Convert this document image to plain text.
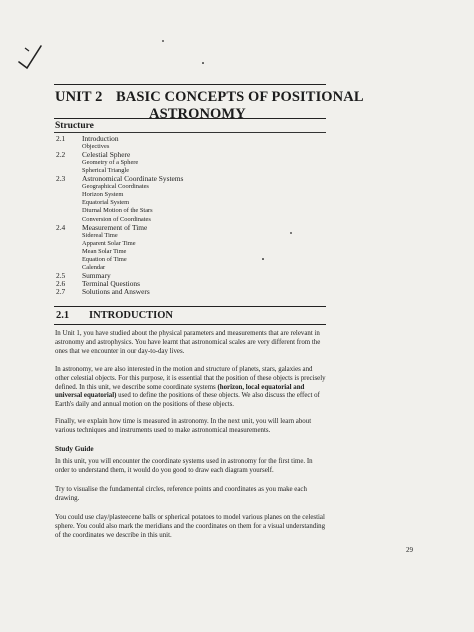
UNIT 2 BASIC CONCEPTS OF POSITIONAL
ASTRONOMY
Structure
2.1	Introduction
Objectives
2.2	Celestial Sphere
Geometry of a Sphere
Spherical Triangle
2.3	Astronomical Coordinate Systems
Geographical Coordinates
Horizon System
Equatorial System
Diurnal Motion of the Stars
Conversion of Coordinates
2.4	Measurement of Time
Sidereal Time
Apparent Solar Time
Mean Solar Time
Equation of Time
Calendar
2.5	Summary
2.6	Terminal Questions
2.7	Solutions and Answers
2.1 INTRODUCTION

In Unit 1, you have studied about the physical parameters and measurements that are relevant in astronomy and astrophysics. You have learnt that astronomical scales are very different from the ones that we encounter in our day-to-day lives.

In astronomy, we are also interested in the motion and structure of planets, stars, galaxies and other celestial objects. For this purpose, it is essential that the position of these objects is precisely defined. In this unit, we describe some coordinate systems (horizon, local equatorial and universal equatorial) used to define the positions of these objects. We also discuss the effect of Earth's daily and annual motion on the positions of these objects.

Finally, we explain how time is measured in astronomy. In the next unit, you will learn about various techniques and instruments used to make astronomical measurements.

Study Guide

In this unit, you will encounter the coordinate systems used in astronomy for the first time. In order to understand them, it would do you good to draw each diagram yourself.

Try to visualise the fundamental circles, reference points and coordinates as you make each drawing.

You could use clay/plasteecene balls or spherical potatoes to model various planes on the celestial sphere. You could also mark the meridians and the coordinates on them for a visual understanding of the coordinates we describe in this unit.

29
